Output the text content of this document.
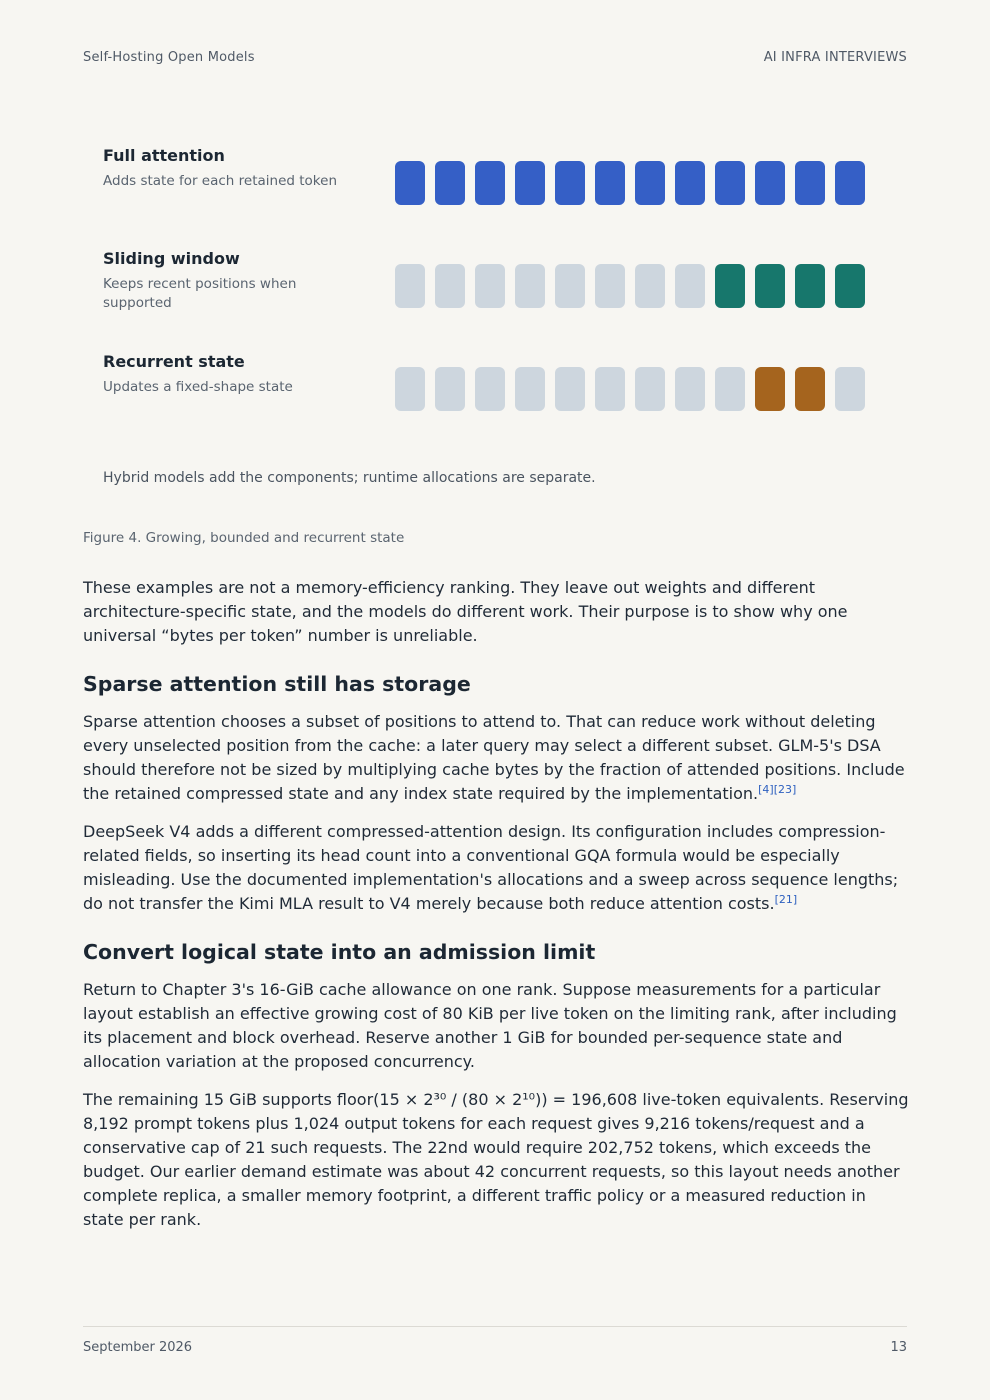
Self-Hosting Open Models	AI INFRA INTERVIEWS
Full attention
Adds state for each retained token
Sliding window
Keeps recent positions when supported
Recurrent state
Updates a fixed-shape state
Hybrid models add the components; runtime allocations are separate.
Figure 4. Growing, bounded and recurrent state

These examples are not a memory-efficiency ranking. They leave out weights and different architecture-specific state, and the models do different work. Their purpose is to show why one universal “bytes per token” number is unreliable.

Sparse attention still has storage

Sparse attention chooses a subset of positions to attend to. That can reduce work without deleting every unselected position from the cache: a later query may select a different subset. GLM-5's DSA should therefore not be sized by multiplying cache bytes by the fraction of attended positions. Include the retained compressed state and any index state required by the implementation.[4][23]

DeepSeek V4 adds a different compressed-attention design. Its configuration includes compression-related fields, so inserting its head count into a conventional GQA formula would be especially misleading. Use the documented implementation's allocations and a sweep across sequence lengths; do not transfer the Kimi MLA result to V4 merely because both reduce attention costs.[21]

Convert logical state into an admission limit

Return to Chapter 3's 16-GiB cache allowance on one rank. Suppose measurements for a particular layout establish an effective growing cost of 80 KiB per live token on the limiting rank, after including its placement and block overhead. Reserve another 1 GiB for bounded per-sequence state and allocation variation at the proposed concurrency.

The remaining 15 GiB supports floor(15 × 2³⁰ / (80 × 2¹⁰)) = 196,608 live-token equivalents. Reserving 8,192 prompt tokens plus 1,024 output tokens for each request gives 9,216 tokens/request and a conservative cap of 21 such requests. The 22nd would require 202,752 tokens, which exceeds the budget. Our earlier demand estimate was about 42 concurrent requests, so this layout needs another complete replica, a smaller memory footprint, a different traffic policy or a measured reduction in state per rank.

September 2026	13
